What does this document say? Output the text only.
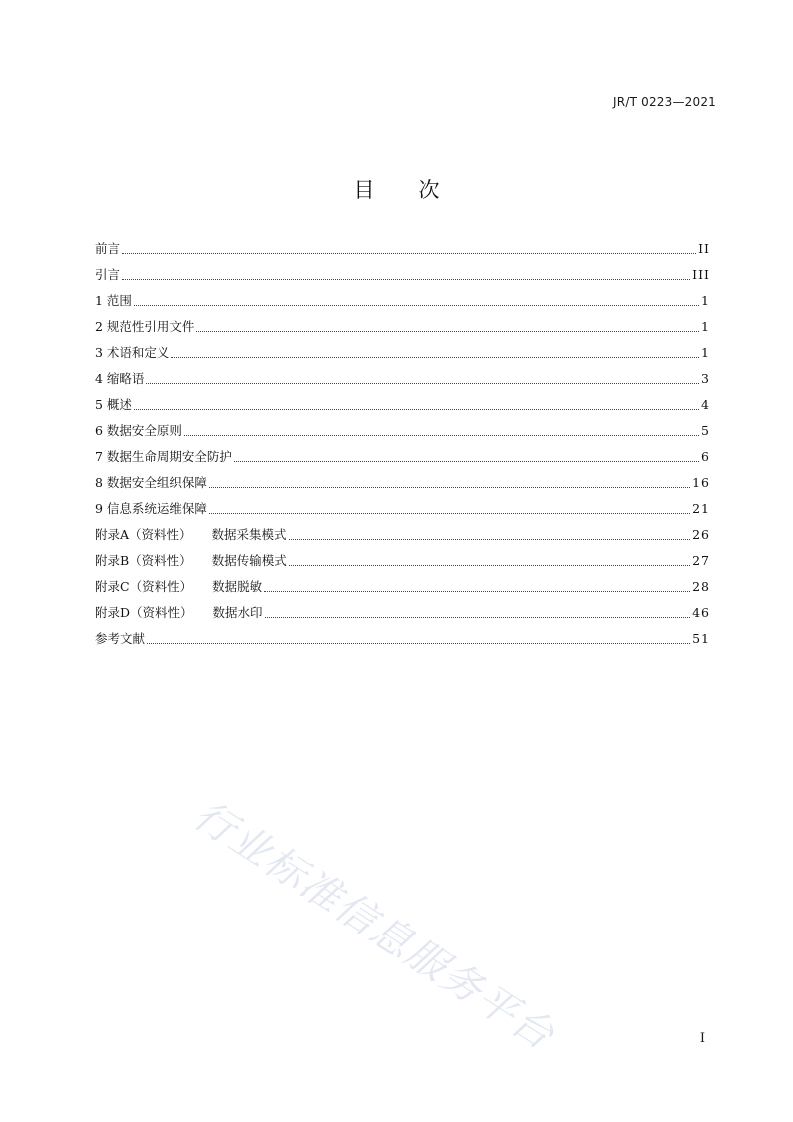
JR/T 0223—2021
目次
前言	II
引言	III
1 范围	1
2 规范性引用文件	1
3 术语和定义	1
4 缩略语	3
5 概述	4
6 数据安全原则	5
7 数据生命周期安全防护	6
8 数据安全组织保障	16
9 信息系统运维保障	21
附录A（资料性） 数据采集模式	26
附录B（资料性） 数据传输模式	27
附录C（资料性） 数据脱敏	28
附录D（资料性） 数据水印	46
参考文献	51
行业标准信息服务平台	I
